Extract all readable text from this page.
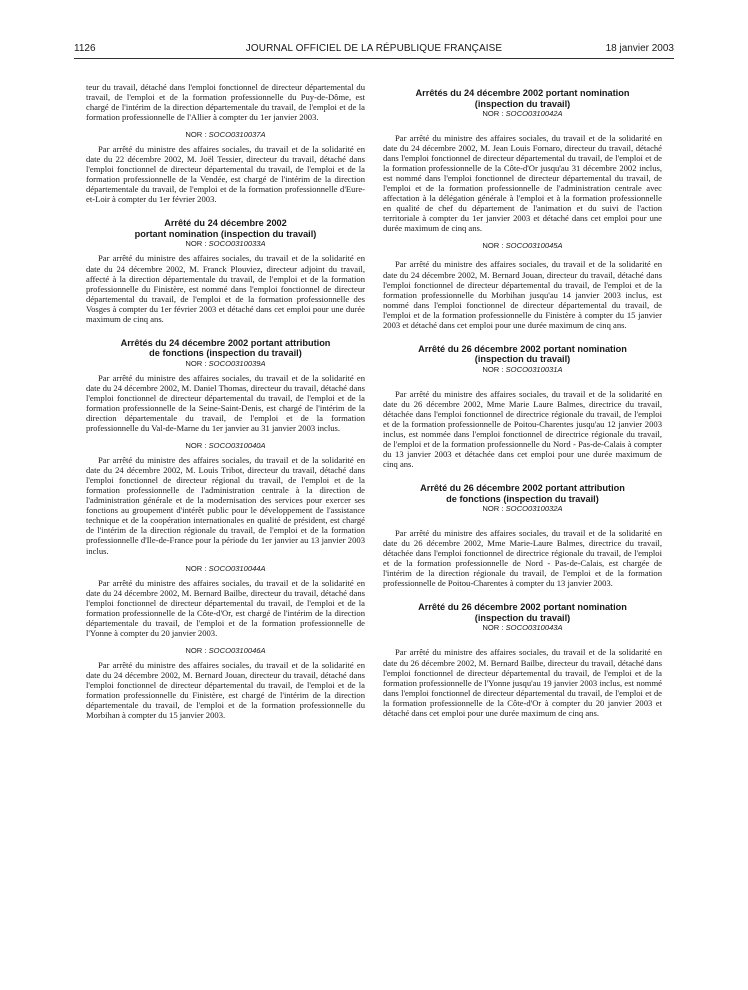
1126	JOURNAL OFFICIEL DE LA RÉPUBLIQUE FRANÇAISE	18 janvier 2003

teur du travail, détaché dans l'emploi fonctionnel de directeur départemental du travail, de l'emploi et de la formation professionnelle du Puy-de-Dôme, est chargé de l'intérim de la direction départementale du travail, de l'emploi et de la formation professionnelle de l'Allier à compter du 1er janvier 2003.

NOR : SOCO0310037A

Par arrêté du ministre des affaires sociales, du travail et de la solidarité en date du 22 décembre 2002, M. Joël Tessier, directeur du travail, détaché dans l'emploi fonctionnel de directeur départemental du travail, de l'emploi et de la formation professionnelle de la Vendée, est chargé de l'intérim de la direction départementale du travail, de l'emploi et de la formation professionnelle d'Eure-et-Loir à compter du 1er février 2003.

Arrêté du 24 décembre 2002
portant nomination (inspection du travail)
NOR : SOCO0310033A

Par arrêté du ministre des affaires sociales, du travail et de la solidarité en date du 24 décembre 2002, M. Franck Plouviez, directeur adjoint du travail, affecté à la direction départementale du travail, de l'emploi et de la formation professionnelle du Finistère, est nommé dans l'emploi fonctionnel de directeur départemental du travail, de l'emploi et de la formation professionnelle des Vosges à compter du 1er février 2003 et détaché dans cet emploi pour une durée maximum de cinq ans.

Arrêtés du 24 décembre 2002 portant attribution
de fonctions (inspection du travail)
NOR : SOCO0310039A

Par arrêté du ministre des affaires sociales, du travail et de la solidarité en date du 24 décembre 2002, M. Daniel Thomas, directeur du travail, détaché dans l'emploi fonctionnel de directeur départemental du travail, de l'emploi et de la formation professionnelle de la Seine-Saint-Denis, est chargé de l'intérim de la direction départementale du travail, de l'emploi et de la formation professionnelle du Val-de-Marne du 1er janvier au 31 janvier 2003 inclus.

NOR : SOCO0310040A

Par arrêté du ministre des affaires sociales, du travail et de la solidarité en date du 24 décembre 2002, M. Louis Tribot, directeur du travail, détaché dans l'emploi fonctionnel de directeur régional du travail, de l'emploi et de la formation professionnelle de l'administration centrale à la direction de l'administration générale et de la modernisation des services pour exercer ses fonctions au groupement d'intérêt public pour le développement de l'assistance technique et de la coopération internationales en qualité de président, est chargé de l'intérim de la direction régionale du travail, de l'emploi et de la formation professionnelle d'Ile-de-France pour la période du 1er janvier au 13 janvier 2003 inclus.

NOR : SOCO0310044A

Par arrêté du ministre des affaires sociales, du travail et de la solidarité en date du 24 décembre 2002, M. Bernard Bailbe, directeur du travail, détaché dans l'emploi fonctionnel de directeur départemental du travail, de l'emploi et de la formation professionnelle de la Côte-d'Or, est chargé de l'intérim de la direction départementale du travail, de l'emploi et de la formation professionnelle de l'Yonne à compter du 20 janvier 2003.

NOR : SOCO0310046A

Par arrêté du ministre des affaires sociales, du travail et de la solidarité en date du 24 décembre 2002, M. Bernard Jouan, directeur du travail, détaché dans l'emploi fonctionnel de directeur départemental du travail, de l'emploi et de la formation professionnelle du Finistère, est chargé de l'intérim de la direction départementale du travail, de l'emploi et de la formation professionnelle du Morbihan à compter du 15 janvier 2003.

Arrêtés du 24 décembre 2002 portant nomination
(inspection du travail)
NOR : SOCO0310042A

Par arrêté du ministre des affaires sociales, du travail et de la solidarité en date du 24 décembre 2002, M. Jean Louis Fornaro, directeur du travail, détaché dans l'emploi fonctionnel de directeur départemental du travail, de l'emploi et de la formation professionnelle de la Côte-d'Or jusqu'au 31 décembre 2002 inclus, est nommé dans l'emploi fonctionnel de directeur départemental du travail, de l'emploi et de la formation professionnelle de l'administration centrale avec affectation à la délégation générale à l'emploi et à la formation professionnelle en qualité de chef du département de l'animation et du suivi de l'action territoriale à compter du 1er janvier 2003 et détaché dans cet emploi pour une durée maximum de cinq ans.

NOR : SOCO0310045A

Par arrêté du ministre des affaires sociales, du travail et de la solidarité en date du 24 décembre 2002, M. Bernard Jouan, directeur du travail, détaché dans l'emploi fonctionnel de directeur départemental du travail, de l'emploi et de la formation professionnelle du Morbihan jusqu'au 14 janvier 2003 inclus, est nommé dans l'emploi fonctionnel de directeur départemental du travail, de l'emploi et de la formation professionnelle du Finistère à compter du 15 janvier 2003 et détaché dans cet emploi pour une durée maximum de cinq ans.

Arrêté du 26 décembre 2002 portant nomination
(inspection du travail)
NOR : SOCO0310031A

Par arrêté du ministre des affaires sociales, du travail et de la solidarité en date du 26 décembre 2002, Mme Marie Laure Balmes, directrice du travail, détachée dans l'emploi fonctionnel de directrice régionale du travail, de l'emploi et de la formation professionnelle de Poitou-Charentes jusqu'au 12 janvier 2003 inclus, est nommée dans l'emploi fonctionnel de directrice régionale du travail, de l'emploi et de la formation professionnelle du Nord - Pas-de-Calais à compter du 13 janvier 2003 et détachée dans cet emploi pour une durée maximum de cinq ans.

Arrêté du 26 décembre 2002 portant attribution
de fonctions (inspection du travail)
NOR : SOCO0310032A

Par arrêté du ministre des affaires sociales, du travail et de la solidarité en date du 26 décembre 2002, Mme Marie-Laure Balmes, directrice du travail, détachée dans l'emploi fonctionnel de directrice régionale du travail, de l'emploi et de la formation professionnelle de Nord - Pas-de-Calais, est chargée de l'intérim de la direction régionale du travail, de l'emploi et de la formation professionnelle de Poitou-Charentes à compter du 13 janvier 2003.

Arrêté du 26 décembre 2002 portant nomination
(inspection du travail)
NOR : SOCO0310043A

Par arrêté du ministre des affaires sociales, du travail et de la solidarité en date du 26 décembre 2002, M. Bernard Bailbe, directeur du travail, détaché dans l'emploi fonctionnel de directeur départemental du travail, de l'emploi et de la formation professionnelle de l'Yonne jusqu'au 19 janvier 2003 inclus, est nommé dans l'emploi fonctionnel de directeur départemental du travail, de l'emploi et de la formation professionnelle de la Côte-d'Or à compter du 20 janvier 2003 et détaché dans cet emploi pour une durée maximum de cinq ans.
